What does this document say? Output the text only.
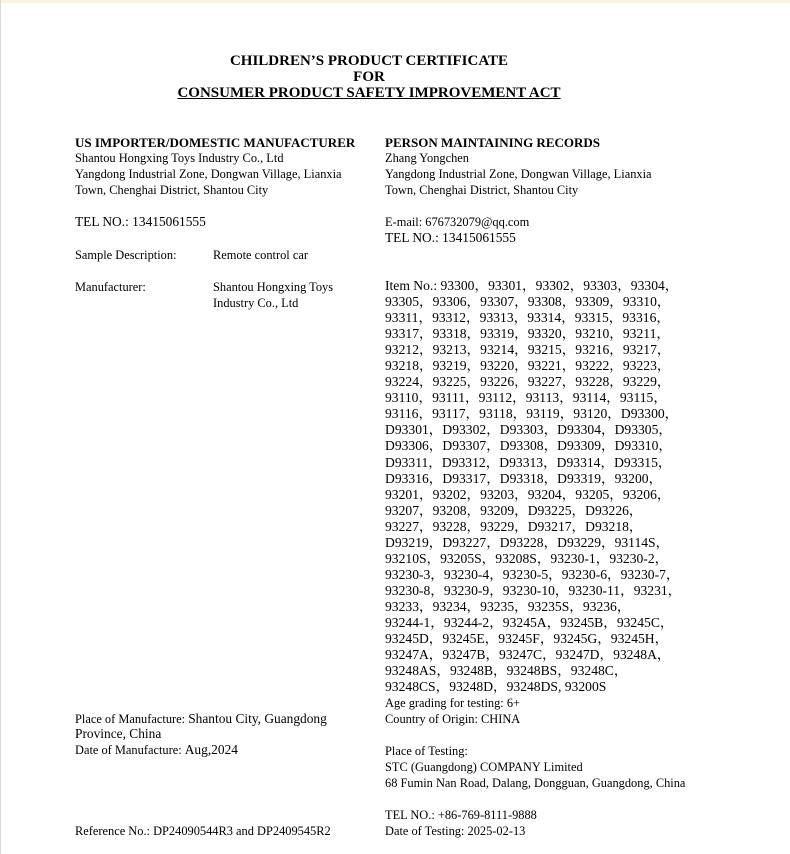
CHILDREN’S PRODUCT CERTIFICATE
FOR
CONSUMER PRODUCT SAFETY IMPROVEMENT ACT
US IMPORTER/DOMESTIC MANUFACTURER
Shantou Hongxing Toys Industry Co., Ltd
Yangdong Industrial Zone, Dongwan Village, Lianxia
Town, Chenghai District, Shantou City
TEL NO.: 13415061555
PERSON MAINTAINING RECORDS
Zhang Yongchen
Yangdong Industrial Zone, Dongwan Village, Lianxia
Town, Chenghai District, Shantou City
E-mail: 676732079@qq.com
TEL NO.: 13415061555
Sample Description:	Remote control car
Manufacturer:	Shantou Hongxing Toys
Industry Co., Ltd
Item No.: 93300，93301，93302，93303，93304，
93305，93306，93307，93308，93309，93310，
93311，93312，93313，93314，93315，93316，
93317，93318，93319，93320，93210，93211，
93212，93213，93214，93215，93216，93217，
93218，93219，93220，93221，93222，93223，
93224，93225，93226，93227，93228，93229，
93110，93111，93112，93113，93114，93115，
93116，93117，93118，93119，93120，D93300，
D93301，D93302，D93303，D93304，D93305，
D93306，D93307，D93308，D93309，D93310，
D93311，D93312，D93313，D93314，D93315，
D93316，D93317，D93318，D93319，93200，
93201，93202，93203，93204，93205，93206，
93207，93208，93209，D93225，D93226，
93227，93228，93229，D93217，D93218，
D93219，D93227，D93228，D93229，93114S，
93210S，93205S，93208S，93230-1，93230-2，
93230-3，93230-4，93230-5，93230-6，93230-7，
93230-8，93230-9，93230-10，93230-11，93231，
93233，93234，93235，93235S，93236，
93244-1，93244-2，93245A，93245B，93245C，
93245D，93245E，93245F，93245G，93245H，
93247A，93247B，93247C，93247D，93248A，
93248AS，93248B，93248BS，93248C，
93248CS，93248D，93248DS, 93200S
Age grading for testing: 6+
Place of Manufacture: Shantou City, Guangdong
Province, China
Country of Origin: CHINA
Date of Manufacture: Aug,2024	Place of Testing:
STC (Guangdong) COMPANY Limited
68 Fumin Nan Road, Dalang, Dongguan, Guangdong, China
TEL NO.: +86-769-8111-9888
Reference No.: DP24090544R3 and DP2409545R2	Date of Testing: 2025-02-13
